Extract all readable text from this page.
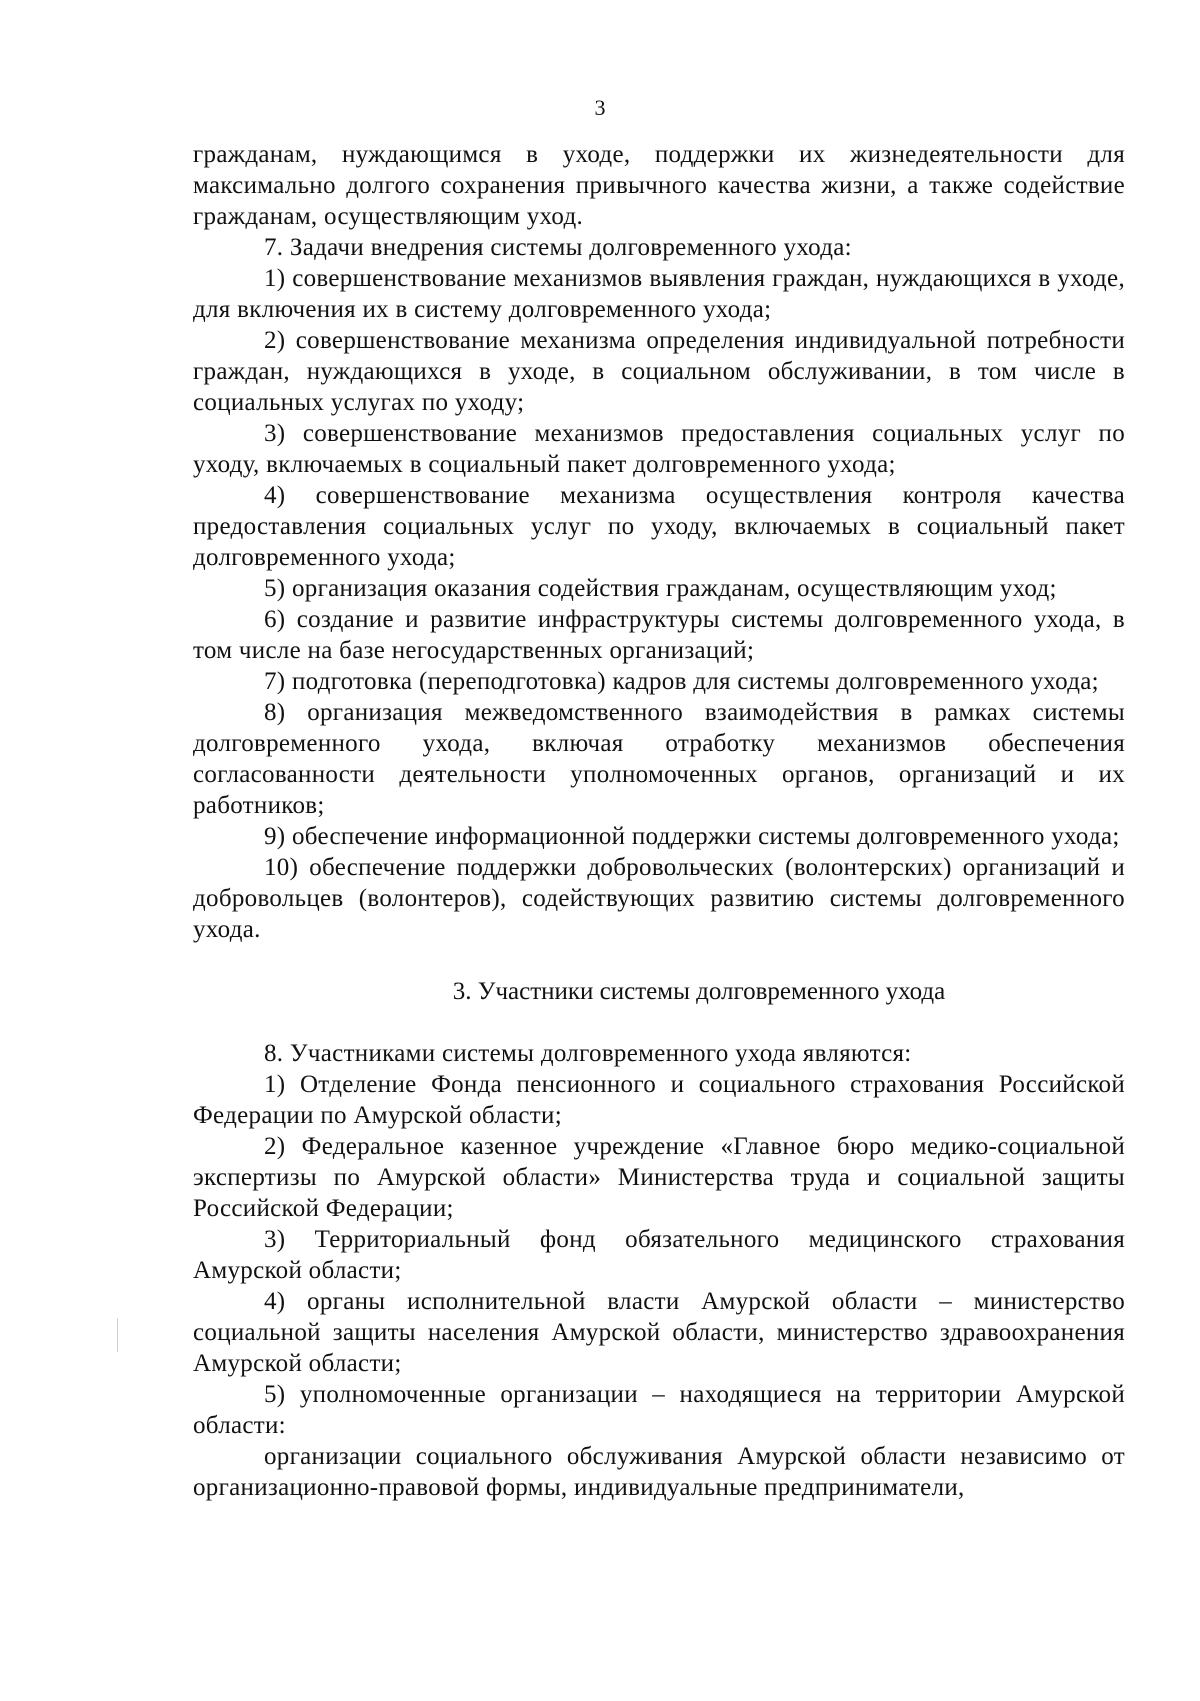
3

гражданам, нуждающимся в уходе, поддержки их жизнедеятельности для максимально долгого сохранения привычного качества жизни, а также содействие гражданам, осуществляющим уход.

7. Задачи внедрения системы долговременного ухода:

1) совершенствование механизмов выявления граждан, нуждающихся в уходе, для включения их в систему долговременного ухода;

2) совершенствование механизма определения индивидуальной потребности граждан, нуждающихся в уходе, в социальном обслуживании, в том числе в социальных услугах по уходу;

3) совершенствование механизмов предоставления социальных услуг по уходу, включаемых в социальный пакет долговременного ухода;

4) совершенствование механизма осуществления контроля качества предоставления социальных услуг по уходу, включаемых в социальный пакет долговременного ухода;

5) организация оказания содействия гражданам, осуществляющим уход;

6) создание и развитие инфраструктуры системы долговременного ухода, в том числе на базе негосударственных организаций;

7) подготовка (переподготовка) кадров для системы долговременного ухода;

8) организация межведомственного взаимодействия в рамках системы долговременного ухода, включая отработку механизмов обеспечения согласованности деятельности уполномоченных органов, организаций и их работников;

9) обеспечение информационной поддержки системы долговременного ухода;

10) обеспечение поддержки добровольческих (волонтерских) организаций и добровольцев (волонтеров), содействующих развитию системы долговременного ухода.

3. Участники системы долговременного ухода

8. Участниками системы долговременного ухода являются:

1) Отделение Фонда пенсионного и социального страхования Российской Федерации по Амурской области;

2) Федеральное казенное учреждение «Главное бюро медико-социальной экспертизы по Амурской области» Министерства труда и социальной защиты Российской Федерации;

3) Территориальный фонд обязательного медицинского страхования Амурской области;

4) органы исполнительной власти Амурской области – министерство социальной защиты населения Амурской области, министерство здравоохранения Амурской области;

5) уполномоченные организации – находящиеся на территории Амурской области:

организации социального обслуживания Амурской области независимо от организационно-правовой формы, индивидуальные предприниматели,
